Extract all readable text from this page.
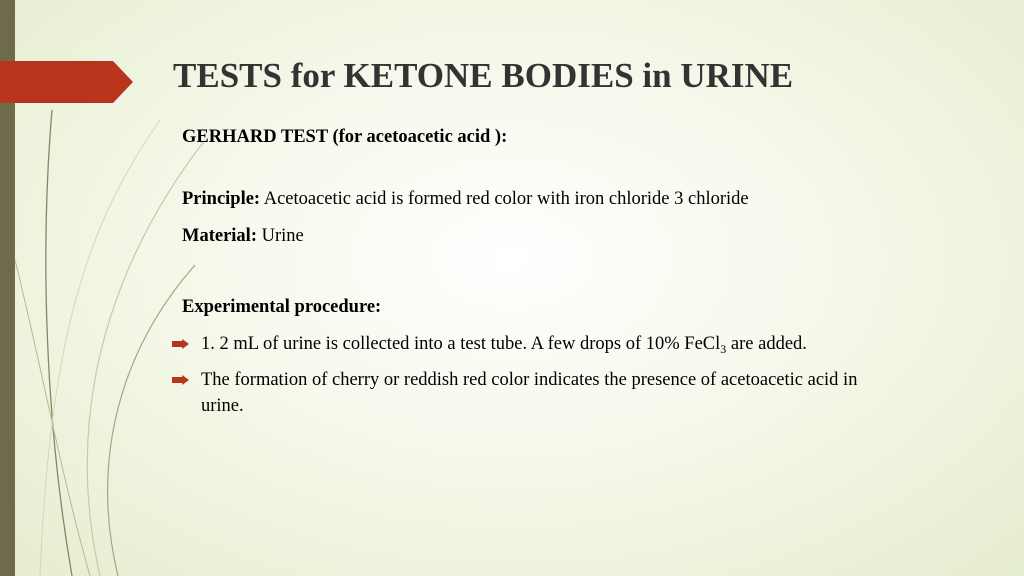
TESTS for KETONE BODIES in URINE

GERHARD TEST (for acetoacetic acid ):

Principle: Acetoacetic acid is formed red color with iron chloride 3 chloride

Material: Urine

Experimental procedure:

1. 2 mL of urine is collected into a test tube. A few drops of 10% FeCl$_3$ are added.

The formation of cherry or reddish red color indicates the presence of acetoacetic acid in

urine.
